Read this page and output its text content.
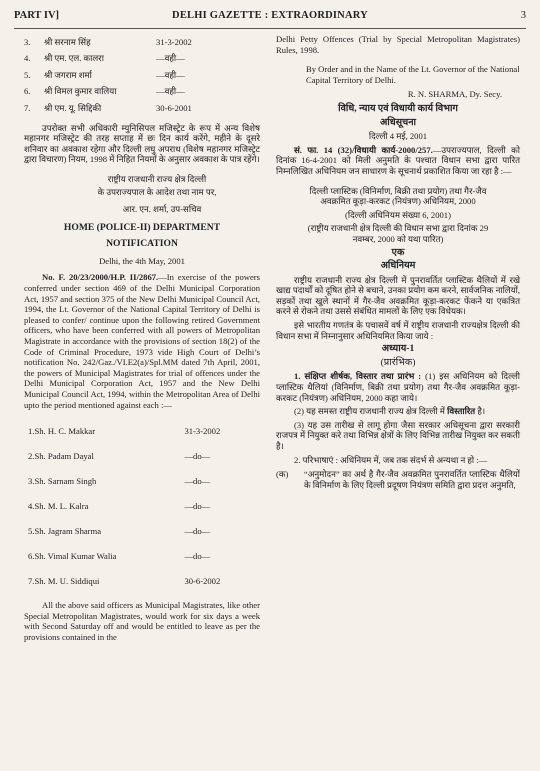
PART IV]	DELHI GAZETTE : EXTRAORDINARY	3
3.	श्री सरनाम सिंह	31-3-2002
4.	श्री एम. एल. कालरा	—वही—
5.	श्री जगराम शर्मा	—वही—
6.	श्री विमल कुमार वालिया	—वही—
7.	श्री एम. यू. सिद्दिकी	30-6-2001

उपरोक्त सभी अधिकारी म्युनिसिपल मजिस्ट्रेट के रूप में अन्य विशेष महानगर मजिस्ट्रेट की तरह सप्ताह में छः दिन कार्य करेंगे, महीने के दूसरे शनिवार का अवकाश रहेगा और दिल्ली लघु अपराध (विशेष महानगर मजिस्ट्रेट द्वारा विचारण) नियम, 1998 में निहित नियमों के अनुसार अवकाश के पात्र रहेंगे।

राष्ट्रीय राजधानी राज्य क्षेत्र दिल्ली

के उपराज्यपाल के आदेश तथा नाम पर,

आर. एन. शर्मा, उप-सचिव

HOME (POLICE-II) DEPARTMENT
NOTIFICATION

Delhi, the 4th May, 2001

No. F. 20/23/2000/H.P. II/2867.—In exercise of the powers conferred under section 469 of the Delhi Municipal Corporation Act, 1957 and section 375 of the New Delhi Municipal Council Act, 1994, the Lt. Governor of the National Capital Territory of Delhi is pleased to confer/ continue upon the following retired Government officers, who have been conferred with all powers of Metropolitan Magistrate in accordance with the provisions of section 18(2) of the Code of Criminal Procedure, 1973 vide High Court of Delhi’s notification No. 242/Gaz./VI.E2(a)/Spl.MM dated 7th April, 2001, the powers of Municipal Magistrates for trial of offences under the Delhi Municipal Corporation Act, 1957 and the New Delhi Municipal Council Act, 1994, within the Metropolitan Area of Delhi upto the period mentioned against each :—

1. Sh. H. C. Makkar	31-3-2002
2. Sh. Padam Dayal	—do—
3. Sh. Sarnam Singh	—do—
4. Sh. M. L. Kalra	—do—
5. Sh. Jagram Sharma	—do—
6. Sh. Vimal Kumar Walia	—do—
7. Sh. M. U. Siddiqui	30-6-2002

All the above said officers as Municipal Magistrates, like other Special Metropolitan Magistrates, would work for six days a week with Second Saturday off and would be entitled to leave as per the provisions contained in the

Delhi Petty Offences (Trial by Special Metropolitan Magistrates) Rules, 1998.

By Order and in the Name of the Lt. Governor of the National Capital Territory of Delhi.

R. N. SHARMA, Dy. Secy.

विधि, न्याय एवं विधायी कार्य विभाग
अधिसूचना

दिल्ली 4 मई, 2001

सं. फा. 14 (32)/विधायी कार्य-2000/257.—उपराज्यपाल, दिल्ली को दिनांक 16-4-2001 को मिली अनुमति के पश्चात विधान सभा द्वारा पारित निम्नलिखित अधिनियम जन साधारण के सूचनार्थ प्रकाशित किया जा रहा है :—

दिल्ली प्लास्टिक (विनिर्माण, बिक्री तथा प्रयोग) तथा गैर-जैव अवक्रमित कूड़ा-करकट (नियंत्रण) अधिनियम, 2000

(दिल्ली अधिनियम संख्या 6, 2001)

(राष्ट्रीय राजधानी क्षेत्र दिल्ली की विधान सभा द्वारा दिनांक 29 नवम्बर, 2000 को यथा पारित)

एक
अधिनियम

राष्ट्रीय राजधानी राज्य क्षेत्र दिल्ली में पुनरावर्तित प्लास्टिक थैलियों में रखे खाद्य पदार्थों को दूषित होने से बचाने, उनका प्रयोग कम करने, सार्वजनिक नालियों, सड़कों तथा खुले स्थानों में गैर-जैव अवक्रमित कूड़ा-करकट फेंकने या एकत्रित करने से रोकने तथा उससे संबंधित मामलों के लिए एक विधेयक।

इसे भारतीय गणतंत्र के पचासवें वर्ष में राष्ट्रीय राजधानी राज्यक्षेत्र दिल्ली की विधान सभा में निम्नानुसार अधिनियमित किया जाये :

अध्याय-1
(प्रारंभिक)

1. संक्षिप्त शीर्षक, विस्तार तथा प्रारंभ : (1) इस अधिनियम को दिल्ली प्लास्टिक थैलियां (विनिर्माण, बिक्री तथा प्रयोग) तथा गैर-जैव अवक्रमित कूड़ा-करकट (नियंत्रण) अधिनियम, 2000 कहा जाये।

(2) यह समस्त राष्ट्रीय राजधानी राज्य क्षेत्र दिल्ली में विस्तारित है।

(3) यह उस तारीख से लागू होगा जैसा सरकार अधिसूचना द्वारा सरकारी राजपत्र में नियुक्त करे तथा विभिन्न क्षेत्रों के लिए विभिन्न तारीख नियुक्त कर सकती है।

2. परिभाषाएं : अधिनियम में, जब तक संदर्भ से अन्यथा न हो :—

(क)	“अनुमोदन” का अर्थ है गैर-जैव अवक्रमित पुनरावर्तित प्लास्टिक थैलियों के विनिर्माण के लिए दिल्ली प्रदूषण नियंत्रण समिति द्वारा प्रदत्त अनुमति,
